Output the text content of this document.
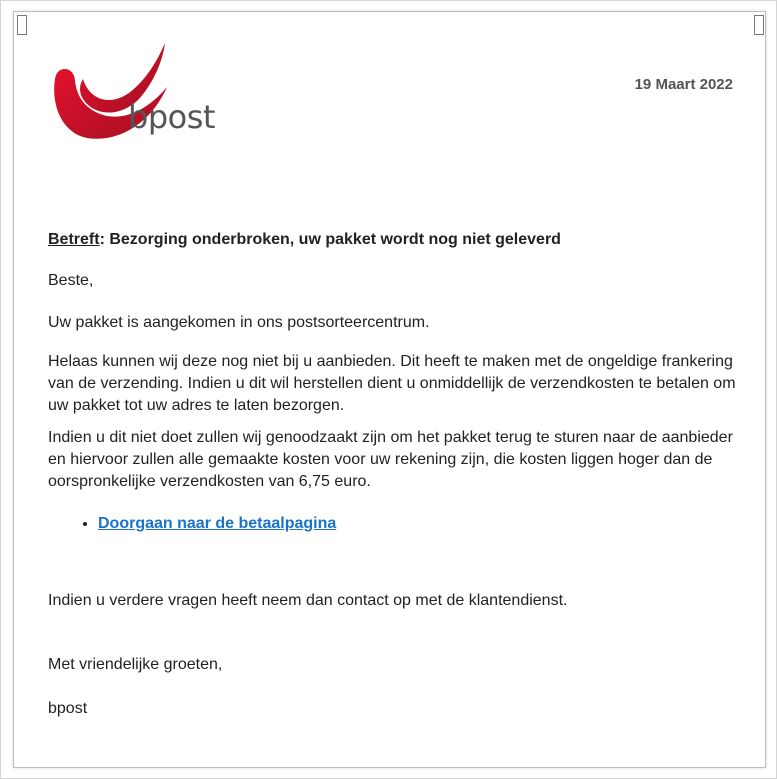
bpost
19 Maart 2022

Betreft: Bezorging onderbroken, uw pakket wordt nog niet geleverd

Beste,

Uw pakket is aangekomen in ons postsorteercentrum.

Helaas kunnen wij deze nog niet bij u aanbieden. Dit heeft te maken met de ongeldige frankering van de verzending. Indien u dit wil herstellen dient u onmiddellijk de verzendkosten te betalen om uw pakket tot uw adres te laten bezorgen.

Indien u dit niet doet zullen wij genoodzaakt zijn om het pakket terug te sturen naar de aanbieder en hiervoor zullen alle gemaakte kosten voor uw rekening zijn, die kosten liggen hoger dan de oorspronkelijke verzendkosten van 6,75 euro.

• Doorgaan naar de betaalpagina

Indien u verdere vragen heeft neem dan contact op met de klantendienst.

Met vriendelijke groeten,

bpost
